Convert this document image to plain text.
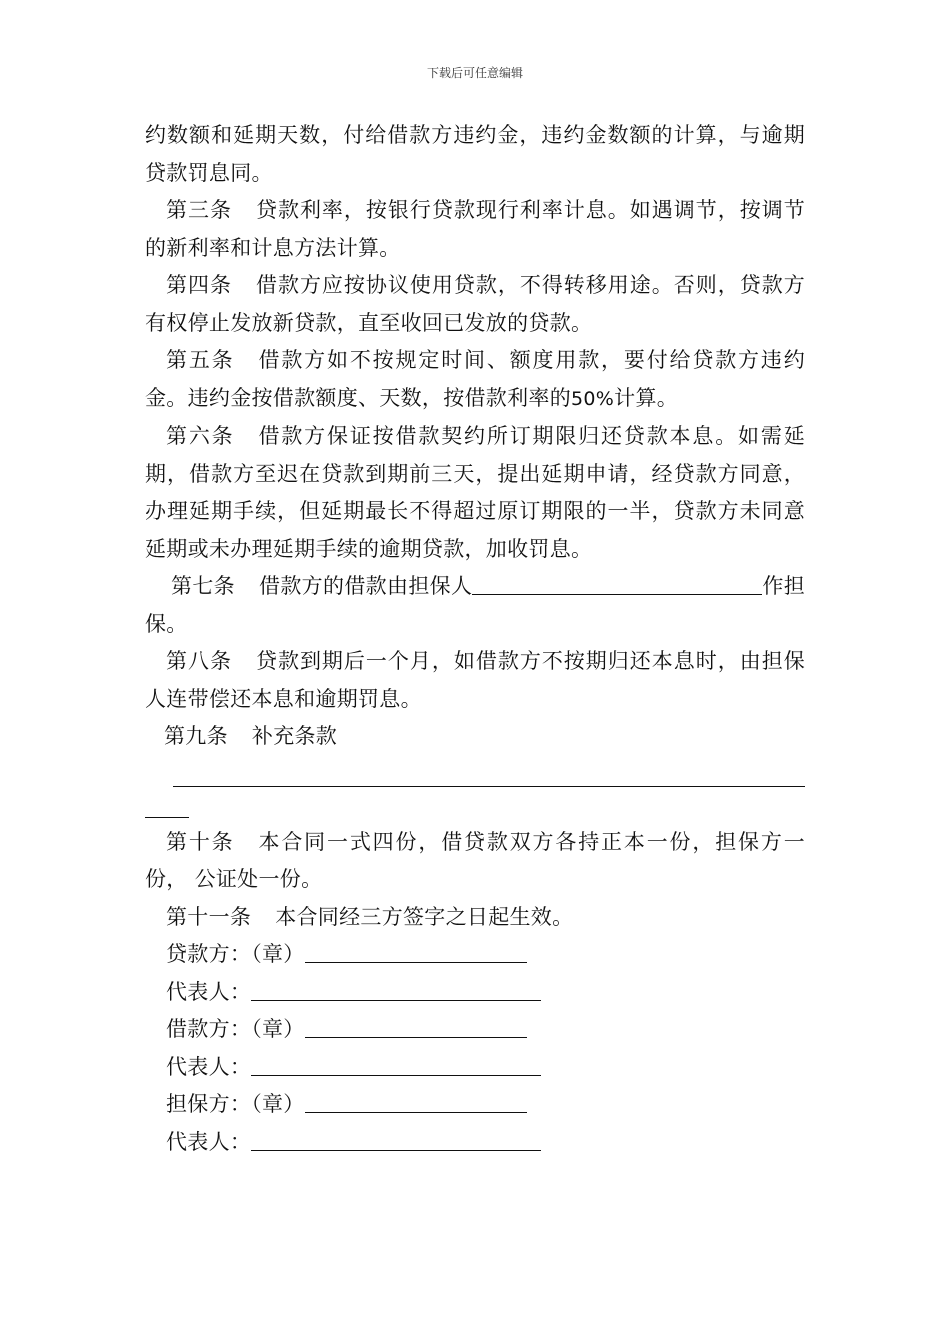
下载后可任意编辑

约数额和延期天数，付给借款方违约金，违约金数额的计算，与逾期贷款罚息同。

第三条 贷款利率，按银行贷款现行利率计息。如遇调节，按调节的新利率和计息方法计算。

第四条 借款方应按协议使用贷款，不得转移用途。否则，贷款方有权停止发放新贷款，直至收回已发放的贷款。

第五条 借款方如不按规定时间、额度用款，要付给贷款方违约金。违约金按借款额度、天数，按借款利率的50%计算。

第六条 借款方保证按借款契约所订期限归还贷款本息。如需延期，借款方至迟在贷款到期前三天，提出延期申请，经贷款方同意，办理延期手续，但延期最长不得超过原订期限的一半，贷款方未同意延期或未办理延期手续的逾期贷款，加收罚息。

第七条 借款方的借款由担保人	作担保。

第八条 贷款到期后一个月，如借款方不按期归还本息时，由担保人连带偿还本息和逾期罚息。

第九条 补充条款

第十条 本合同一式四份，借贷款双方各持正本一份，担保方一份， 公证处一份。

第十一条 本合同经三方签字之日起生效。

贷款方：（章）
代表人：
借款方：（章）
代表人：
担保方：（章）
代表人：
